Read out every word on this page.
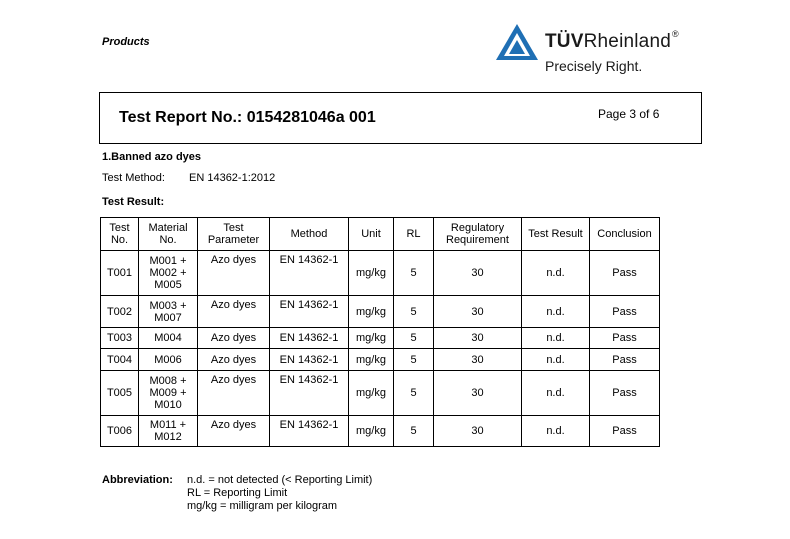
Products	TÜVRheinland®
Precisely Right.
Test Report No.: 0154281046a 001	Page 3 of 6
1.Banned azo dyes
Test Method: EN 14362-1:2012
Test Result:
Test No.	Material No.	Test Parameter	Method	Unit	RL	Regulatory Requirement	Test Result	Conclusion
T001	M001 + M002 + M005	Azo dyes	EN 14362-1	mg/kg	5	30	n.d.	Pass
T002	M003 + M007	Azo dyes	EN 14362-1	mg/kg	5	30	n.d.	Pass
T003	M004	Azo dyes	EN 14362-1	mg/kg	5	30	n.d.	Pass
T004	M006	Azo dyes	EN 14362-1	mg/kg	5	30	n.d.	Pass
T005	M008 + M009 + M010	Azo dyes	EN 14362-1	mg/kg	5	30	n.d.	Pass
T006	M011 + M012	Azo dyes	EN 14362-1	mg/kg	5	30	n.d.	Pass
Abbreviation: n.d. = not detected (< Reporting Limit)
RL = Reporting Limit
mg/kg = milligram per kilogram
